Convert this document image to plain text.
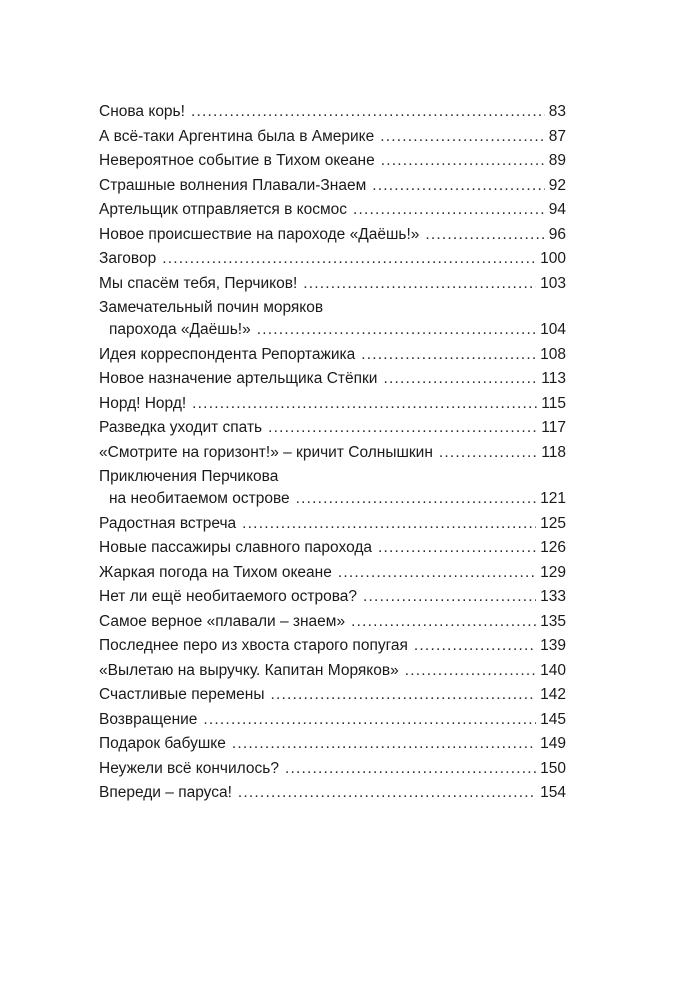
Снова корь! .....	83
А всё-таки Аргентина была в Америке .....	87
Невероятное событие в Тихом океане .....	89
Страшные волнения Плавали-Знаем .....	92
Артельщик отправляется в космос .....	94
Новое происшествие на пароходе «Даёшь!» .....	96
Заговор .....	100
Мы спасём тебя, Перчиков! .....	103
Замечательный почин моряков
парохода «Даёшь!» .....	104
Идея корреспондента Репортажика .....	108
Новое назначение артельщика Стёпки .....	113
Норд! Норд! .....	115
Разведка уходит спать .....	117
«Смотрите на горизонт!» – кричит Солнышкин .....	118
Приключения Перчикова
на необитаемом острове .....	121
Радостная встреча .....	125
Новые пассажиры славного парохода .....	126
Жаркая погода на Тихом океане .....	129
Нет ли ещё необитаемого острова? .....	133
Самое верное «плавали – знаем» .....	135
Последнее перо из хвоста старого попугая .....	139
«Вылетаю на выручку. Капитан Моряков» .....	140
Счастливые перемены .....	142
Возвращение .....	145
Подарок бабушке .....	149
Неужели всё кончилось? .....	150
Впереди – паруса! .....	154
